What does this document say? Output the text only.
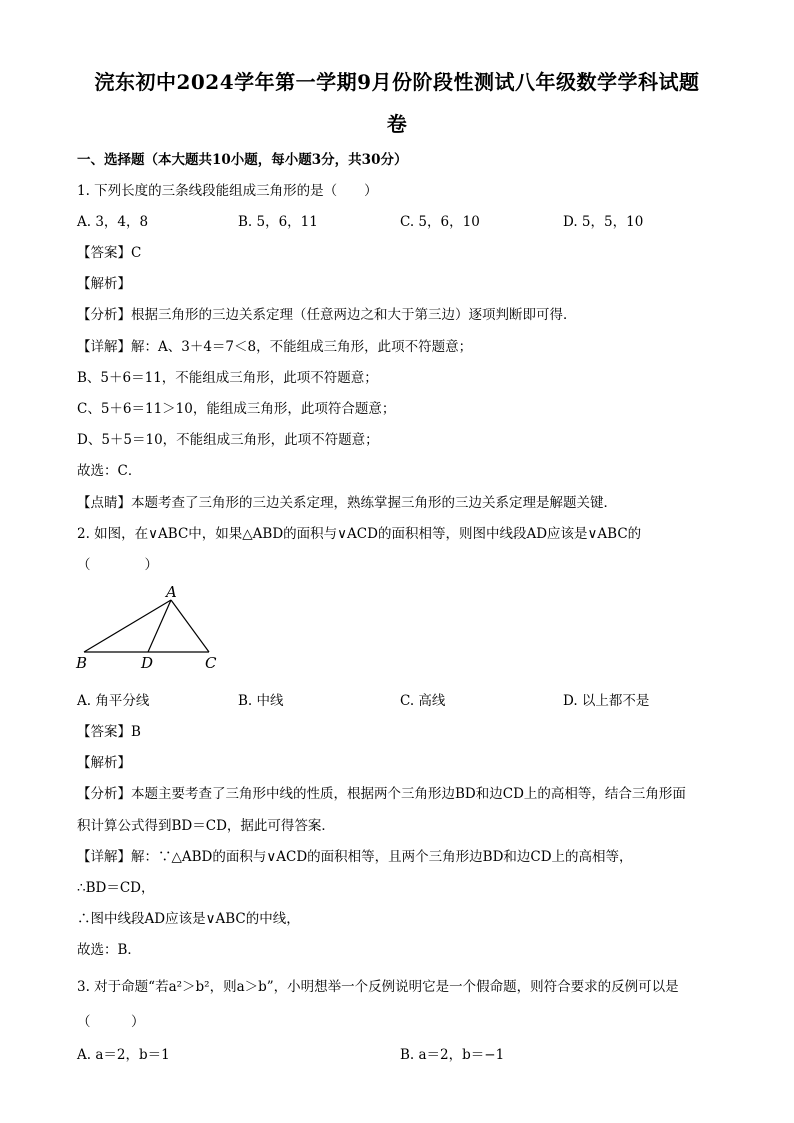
浣东初中2024学年第一学期9月份阶段性测试八年级数学学科试题
卷
一、选择题（本大题共10小题，每小题3分，共30分）
1. 下列长度的三条线段能组成三角形的是（　　）
A. 3，4，8	B. 5，6，11	C. 5，6，10	D. 5，5，10
【答案】C
【解析】
【分析】根据三角形的三边关系定理（任意两边之和大于第三边）逐项判断即可得．
【详解】解：A、3＋4＝7＜8，不能组成三角形，此项不符题意；
B、5＋6＝11，不能组成三角形，此项不符题意；
C、5＋6＝11＞10，能组成三角形，此项符合题意；
D、5＋5＝10，不能组成三角形，此项不符题意；
故选：C．
【点睛】本题考查了三角形的三边关系定理，熟练掌握三角形的三边关系定理是解题关键．
2. 如图，在∨ABC中，如果△ABD的面积与∨ACD的面积相等，则图中线段AD应该是∨ABC的
（　　　　）
A
B	D	C
A. 角平分线	B. 中线	C. 高线	D. 以上都不是
【答案】B
【解析】
【分析】本题主要考查了三角形中线的性质，根据两个三角形边BD和边CD上的高相等，结合三角形面
积计算公式得到BD＝CD，据此可得答案．
【详解】解：∵△ABD的面积与∨ACD的面积相等，且两个三角形边BD和边CD上的高相等，
∴BD＝CD，
∴图中线段AD应该是∨ABC的中线，
故选：B．
3. 对于命题“若a²＞b²，则a＞b”，小明想举一个反例说明它是一个假命题，则符合要求的反例可以是
（　　　）
A. a＝2，b＝1	B. a＝2，b＝−1
